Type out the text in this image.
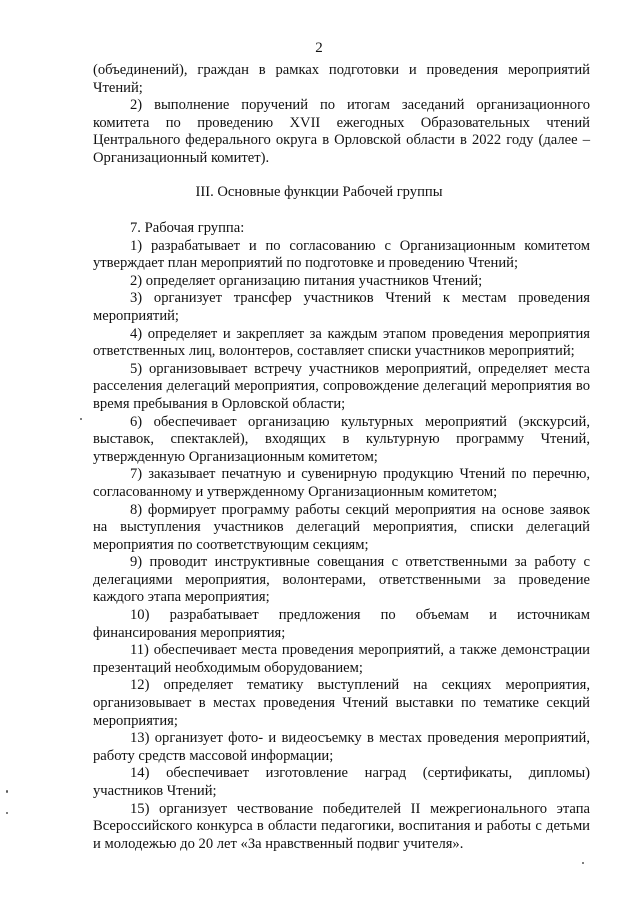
2

(объединений), граждан в рамках подготовки и проведения мероприятий Чтений;

2) выполнение поручений по итогам заседаний организационного комитета по проведению XVII ежегодных Образовательных чтений Центрального федерального округа в Орловской области в 2022 году (далее – Организационный комитет).

III. Основные функции Рабочей группы

7. Рабочая группа:

1) разрабатывает и по согласованию с Организационным комитетом утверждает план мероприятий по подготовке и проведению Чтений;

2) определяет организацию питания участников Чтений;

3) организует трансфер участников Чтений к местам проведения мероприятий;

4) определяет и закрепляет за каждым этапом проведения мероприятия ответственных лиц, волонтеров, составляет списки участников мероприятий;

5) организовывает встречу участников мероприятий, определяет места расселения делегаций мероприятия, сопровождение делегаций мероприятия во время пребывания в Орловской области;

6) обеспечивает организацию культурных мероприятий (экскурсий, выставок, спектаклей), входящих в культурную программу Чтений, утвержденную Организационным комитетом;

7) заказывает печатную и сувенирную продукцию Чтений по перечню, согласованному и утвержденному Организационным комитетом;

8) формирует программу работы секций мероприятия на основе заявок на выступления участников делегаций мероприятия, списки делегаций мероприятия по соответствующим секциям;

9) проводит инструктивные совещания с ответственными за работу с делегациями мероприятия, волонтерами, ответственными за проведение каждого этапа мероприятия;

10) разрабатывает предложения по объемам и источникам финансирования мероприятия;

11) обеспечивает места проведения мероприятий, а также демонстрации презентаций необходимым оборудованием;

12) определяет тематику выступлений на секциях мероприятия, организовывает в местах проведения Чтений выставки по тематике секций мероприятия;

13) организует фото- и видеосъемку в местах проведения мероприятий, работу средств массовой информации;

14) обеспечивает изготовление наград (сертификаты, дипломы) участников Чтений;

15) организует чествование победителей II межрегионального этапа Всероссийского конкурса в области педагогики, воспитания и работы с детьми и молодежью до 20 лет «За нравственный подвиг учителя».
